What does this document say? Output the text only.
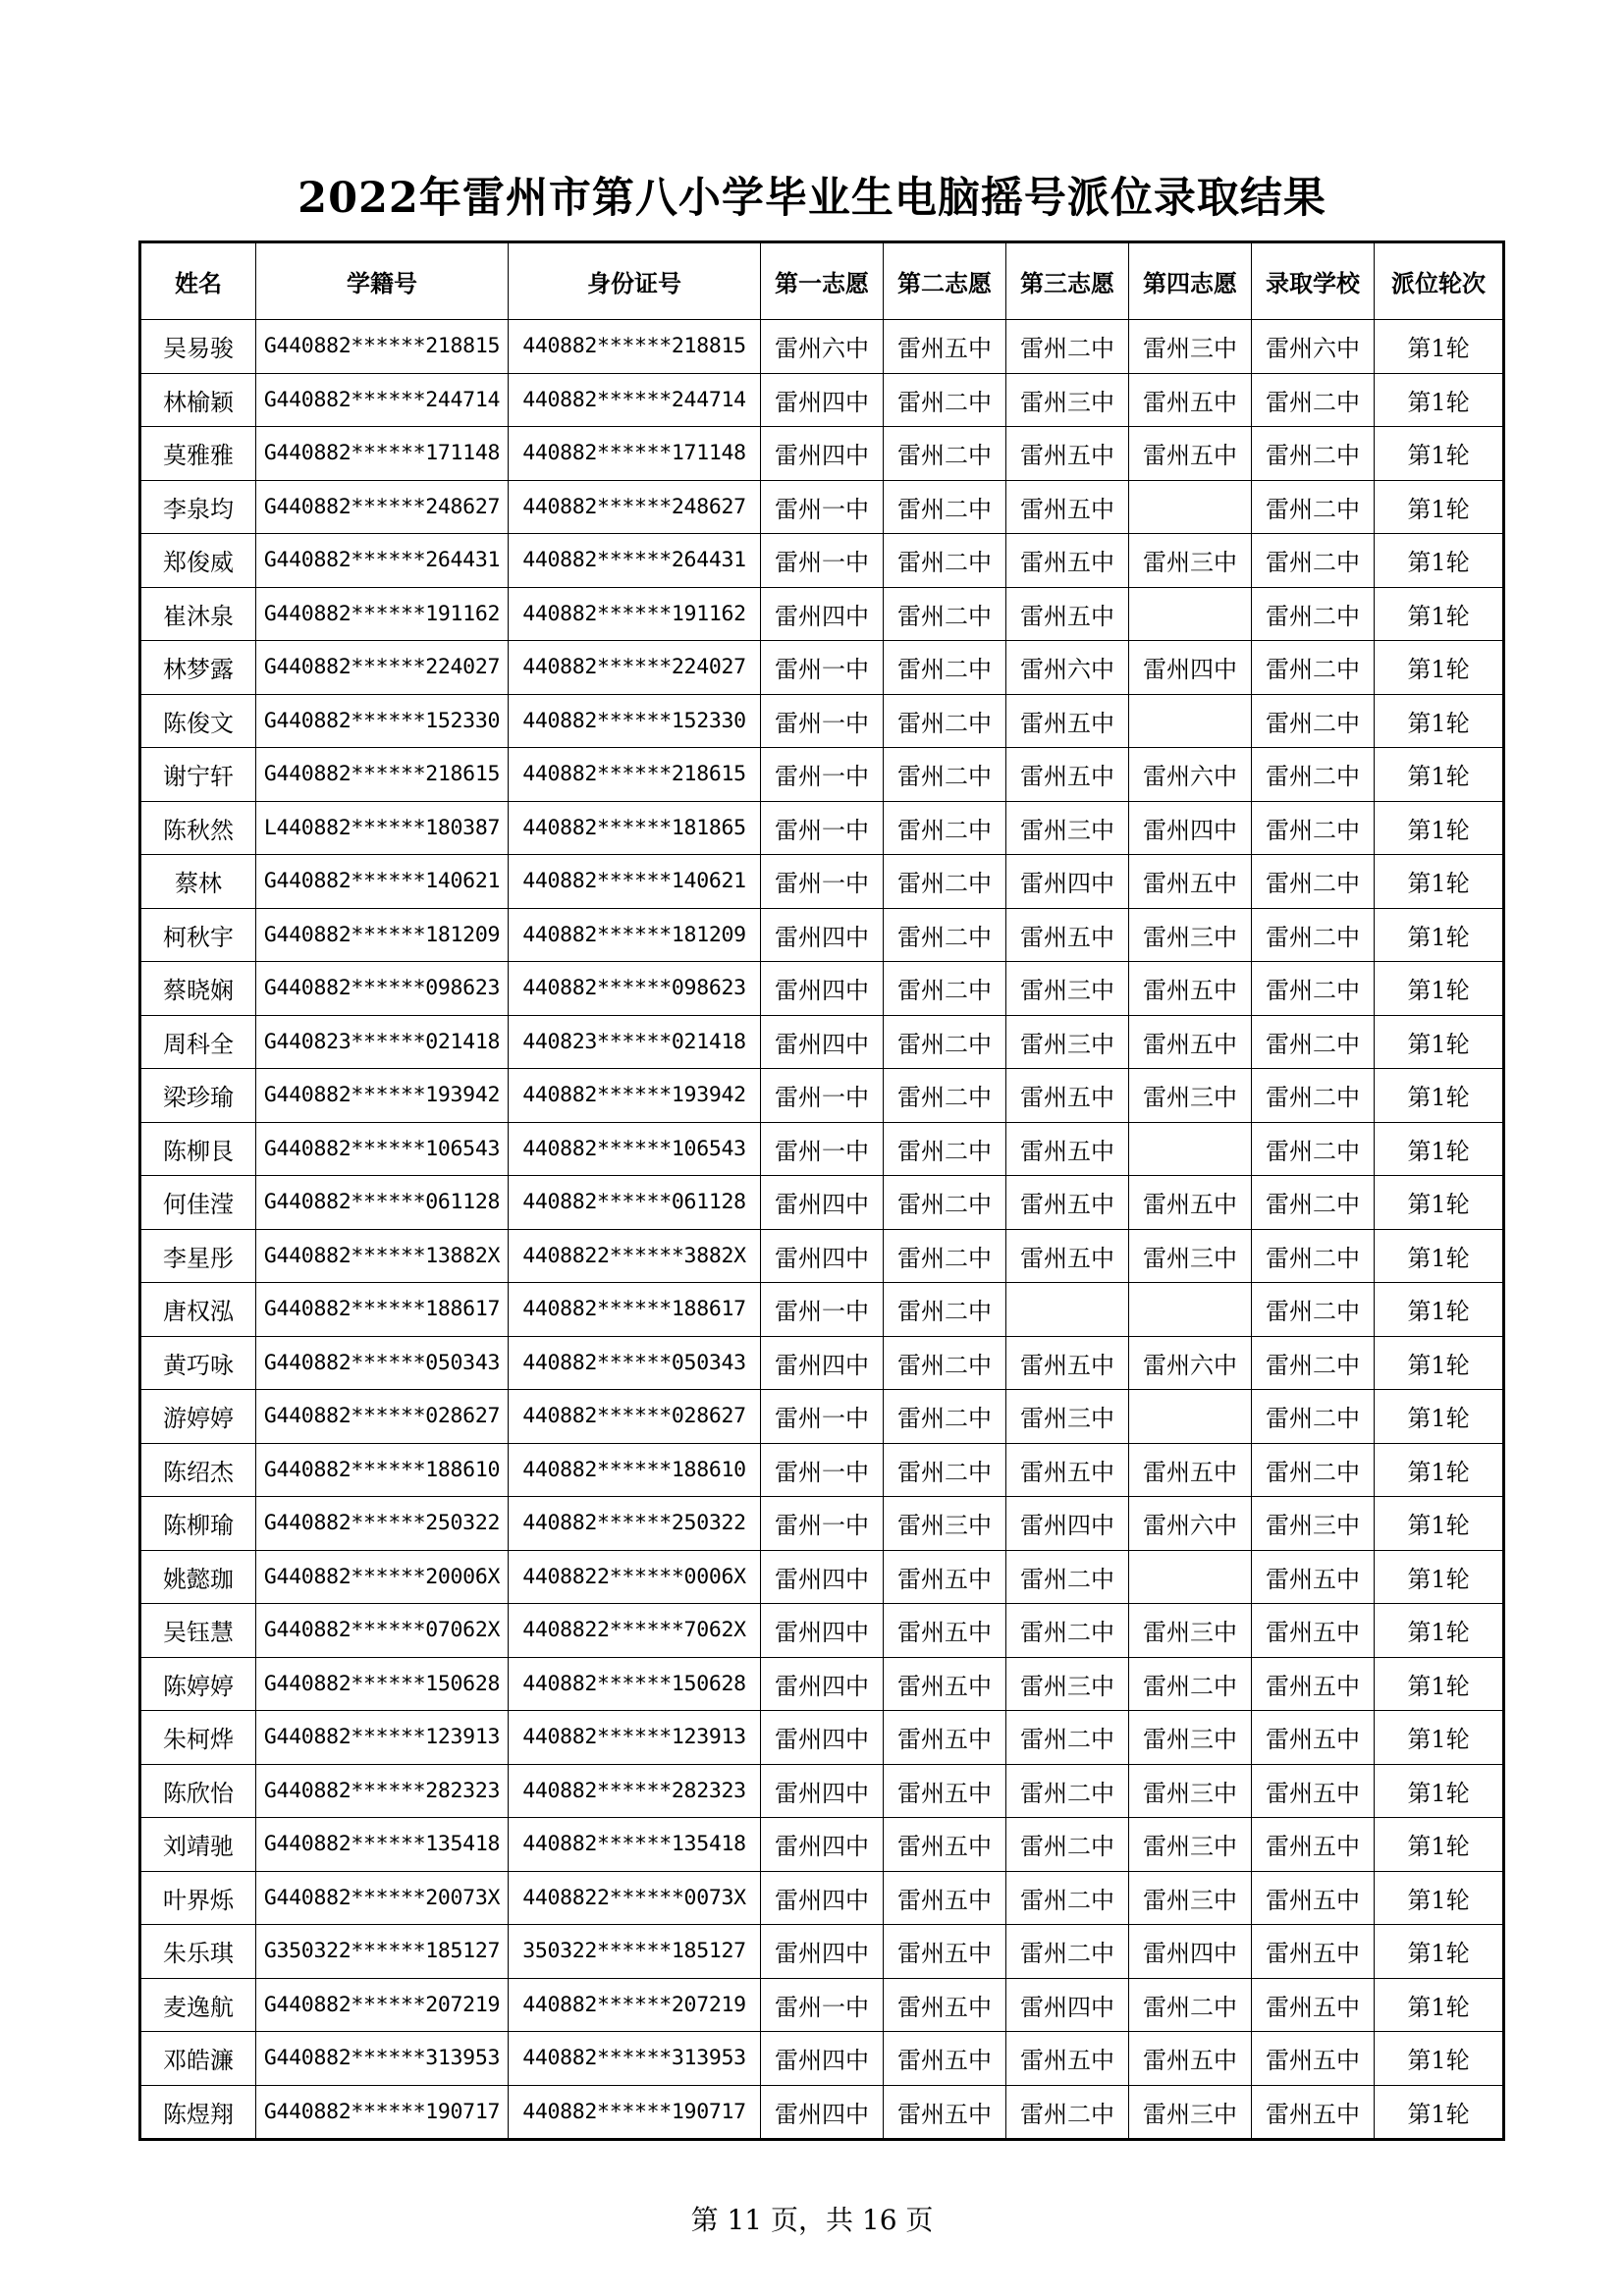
2022年雷州市第八小学毕业生电脑摇号派位录取结果
姓名	学籍号	身份证号	第一志愿	第二志愿	第三志愿	第四志愿	录取学校	派位轮次
吴易骏	G440882******218815	440882******218815	雷州六中	雷州五中	雷州二中	雷州三中	雷州六中	第1轮
林榆颖	G440882******244714	440882******244714	雷州四中	雷州二中	雷州三中	雷州五中	雷州二中	第1轮
莫雅雅	G440882******171148	440882******171148	雷州四中	雷州二中	雷州五中	雷州五中	雷州二中	第1轮
李泉均	G440882******248627	440882******248627	雷州一中	雷州二中	雷州五中		雷州二中	第1轮
郑俊威	G440882******264431	440882******264431	雷州一中	雷州二中	雷州五中	雷州三中	雷州二中	第1轮
崔沐泉	G440882******191162	440882******191162	雷州四中	雷州二中	雷州五中		雷州二中	第1轮
林梦露	G440882******224027	440882******224027	雷州一中	雷州二中	雷州六中	雷州四中	雷州二中	第1轮
陈俊文	G440882******152330	440882******152330	雷州一中	雷州二中	雷州五中		雷州二中	第1轮
谢宁轩	G440882******218615	440882******218615	雷州一中	雷州二中	雷州五中	雷州六中	雷州二中	第1轮
陈秋然	L440882******180387	440882******181865	雷州一中	雷州二中	雷州三中	雷州四中	雷州二中	第1轮
蔡林	G440882******140621	440882******140621	雷州一中	雷州二中	雷州四中	雷州五中	雷州二中	第1轮
柯秋宇	G440882******181209	440882******181209	雷州四中	雷州二中	雷州五中	雷州三中	雷州二中	第1轮
蔡晓娴	G440882******098623	440882******098623	雷州四中	雷州二中	雷州三中	雷州五中	雷州二中	第1轮
周科全	G440823******021418	440823******021418	雷州四中	雷州二中	雷州三中	雷州五中	雷州二中	第1轮
梁珍瑜	G440882******193942	440882******193942	雷州一中	雷州二中	雷州五中	雷州三中	雷州二中	第1轮
陈柳艮	G440882******106543	440882******106543	雷州一中	雷州二中	雷州五中		雷州二中	第1轮
何佳滢	G440882******061128	440882******061128	雷州四中	雷州二中	雷州五中	雷州五中	雷州二中	第1轮
李星彤	G440882******13882X	4408822******3882X	雷州四中	雷州二中	雷州五中	雷州三中	雷州二中	第1轮
唐权泓	G440882******188617	440882******188617	雷州一中	雷州二中			雷州二中	第1轮
黄巧咏	G440882******050343	440882******050343	雷州四中	雷州二中	雷州五中	雷州六中	雷州二中	第1轮
游婷婷	G440882******028627	440882******028627	雷州一中	雷州二中	雷州三中		雷州二中	第1轮
陈绍杰	G440882******188610	440882******188610	雷州一中	雷州二中	雷州五中	雷州五中	雷州二中	第1轮
陈柳瑜	G440882******250322	440882******250322	雷州一中	雷州三中	雷州四中	雷州六中	雷州三中	第1轮
姚懿珈	G440882******20006X	4408822******0006X	雷州四中	雷州五中	雷州二中		雷州五中	第1轮
吴钰慧	G440882******07062X	4408822******7062X	雷州四中	雷州五中	雷州二中	雷州三中	雷州五中	第1轮
陈婷婷	G440882******150628	440882******150628	雷州四中	雷州五中	雷州三中	雷州二中	雷州五中	第1轮
朱柯烨	G440882******123913	440882******123913	雷州四中	雷州五中	雷州二中	雷州三中	雷州五中	第1轮
陈欣怡	G440882******282323	440882******282323	雷州四中	雷州五中	雷州二中	雷州三中	雷州五中	第1轮
刘靖驰	G440882******135418	440882******135418	雷州四中	雷州五中	雷州二中	雷州三中	雷州五中	第1轮
叶界烁	G440882******20073X	4408822******0073X	雷州四中	雷州五中	雷州二中	雷州三中	雷州五中	第1轮
朱乐琪	G350322******185127	350322******185127	雷州四中	雷州五中	雷州二中	雷州四中	雷州五中	第1轮
麦逸航	G440882******207219	440882******207219	雷州一中	雷州五中	雷州四中	雷州二中	雷州五中	第1轮
邓皓濂	G440882******313953	440882******313953	雷州四中	雷州五中	雷州五中	雷州五中	雷州五中	第1轮
陈煜翔	G440882******190717	440882******190717	雷州四中	雷州五中	雷州二中	雷州三中	雷州五中	第1轮
第 11 页，共 16 页
